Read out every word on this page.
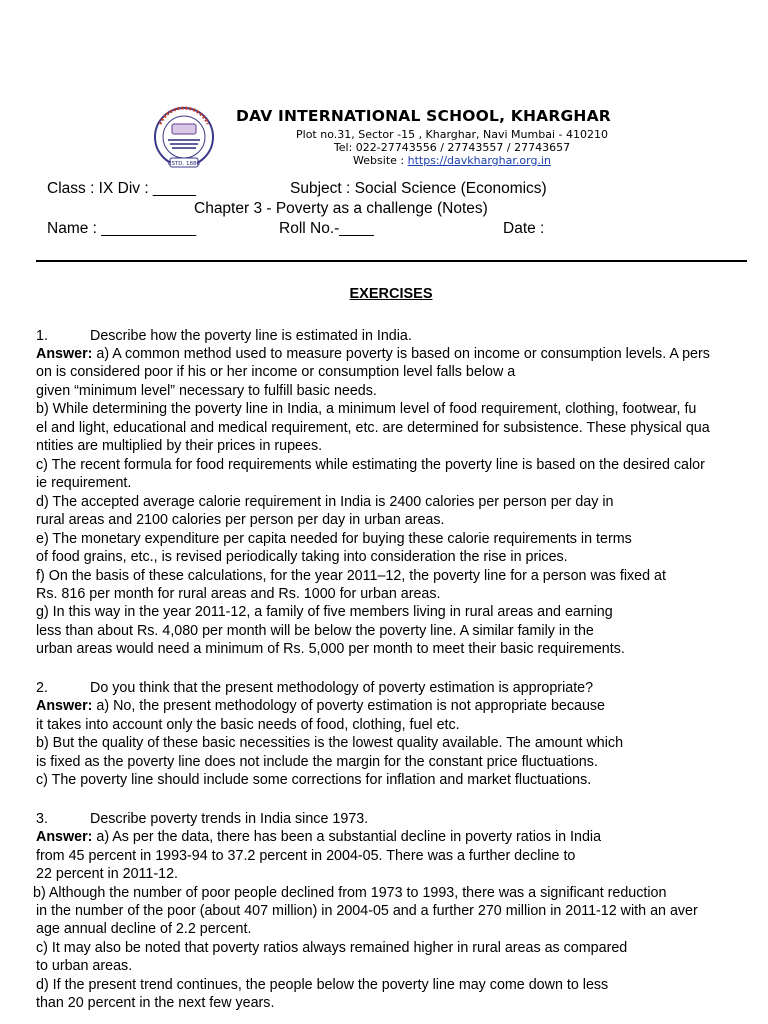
ESTD. 1886
DAV INTERNATIONAL SCHOOL, KHARGHAR
Plot no.31, Sector -15 , Kharghar, Navi Mumbai - 410210
Tel: 022-27743556 / 27743557 / 27743657
Website : https://davkharghar.org.in
Class : IX Div : _____	Subject : Social Science (Economics)
Chapter 3 - Poverty as a challenge (Notes)
Name : ___________	Roll No.-____	Date :
EXERCISES
1.	Describe how the poverty line is estimated in India.
Answer: a) A common method used to measure poverty is based on income or consumption levels. A pers
on is considered poor if his or her income or consumption level falls below a
given “minimum level” necessary to fulfill basic needs.
b) While determining the poverty line in India, a minimum level of food requirement, clothing, footwear, fu
el and light, educational and medical requirement, etc. are determined for subsistence. These physical qua
ntities are multiplied by their prices in rupees.
c) The recent formula for food requirements while estimating the poverty line is based on the desired calor
ie requirement.
d) The accepted average calorie requirement in India is 2400 calories per person per day in
rural areas and 2100 calories per person per day in urban areas.
e) The monetary expenditure per capita needed for buying these calorie requirements in terms
of food grains, etc., is revised periodically taking into consideration the rise in prices.
f) On the basis of these calculations, for the year 2011–12, the poverty line for a person was fixed at
Rs. 816 per month for rural areas and Rs. 1000 for urban areas.
g) In this way in the year 2011-12, a family of five members living in rural areas and earning
less than about Rs. 4,080 per month will be below the poverty line. A similar family in the
urban areas would need a minimum of Rs. 5,000 per month to meet their basic requirements.
2.	Do you think that the present methodology of poverty estimation is appropriate?
Answer: a) No, the present methodology of poverty estimation is not appropriate because
it takes into account only the basic needs of food, clothing, fuel etc.
b) But the quality of these basic necessities is the lowest quality available. The amount which
is fixed as the poverty line does not include the margin for the constant price fluctuations.
c) The poverty line should include some corrections for inflation and market fluctuations.
3.	Describe poverty trends in India since 1973.
Answer: a) As per the data, there has been a substantial decline in poverty ratios in India
from 45 percent in 1993-94 to 37.2 percent in 2004-05. There was a further decline to
22 percent in 2011-12.
b) Although the number of poor people declined from 1973 to 1993, there was a significant reduction
in the number of the poor (about 407 million) in 2004-05 and a further 270 million in 2011-12 with an aver
age annual decline of 2.2 percent.
c) It may also be noted that poverty ratios always remained higher in rural areas as compared
to urban areas.
d) If the present trend continues, the people below the poverty line may come down to less
than 20 percent in the next few years.
